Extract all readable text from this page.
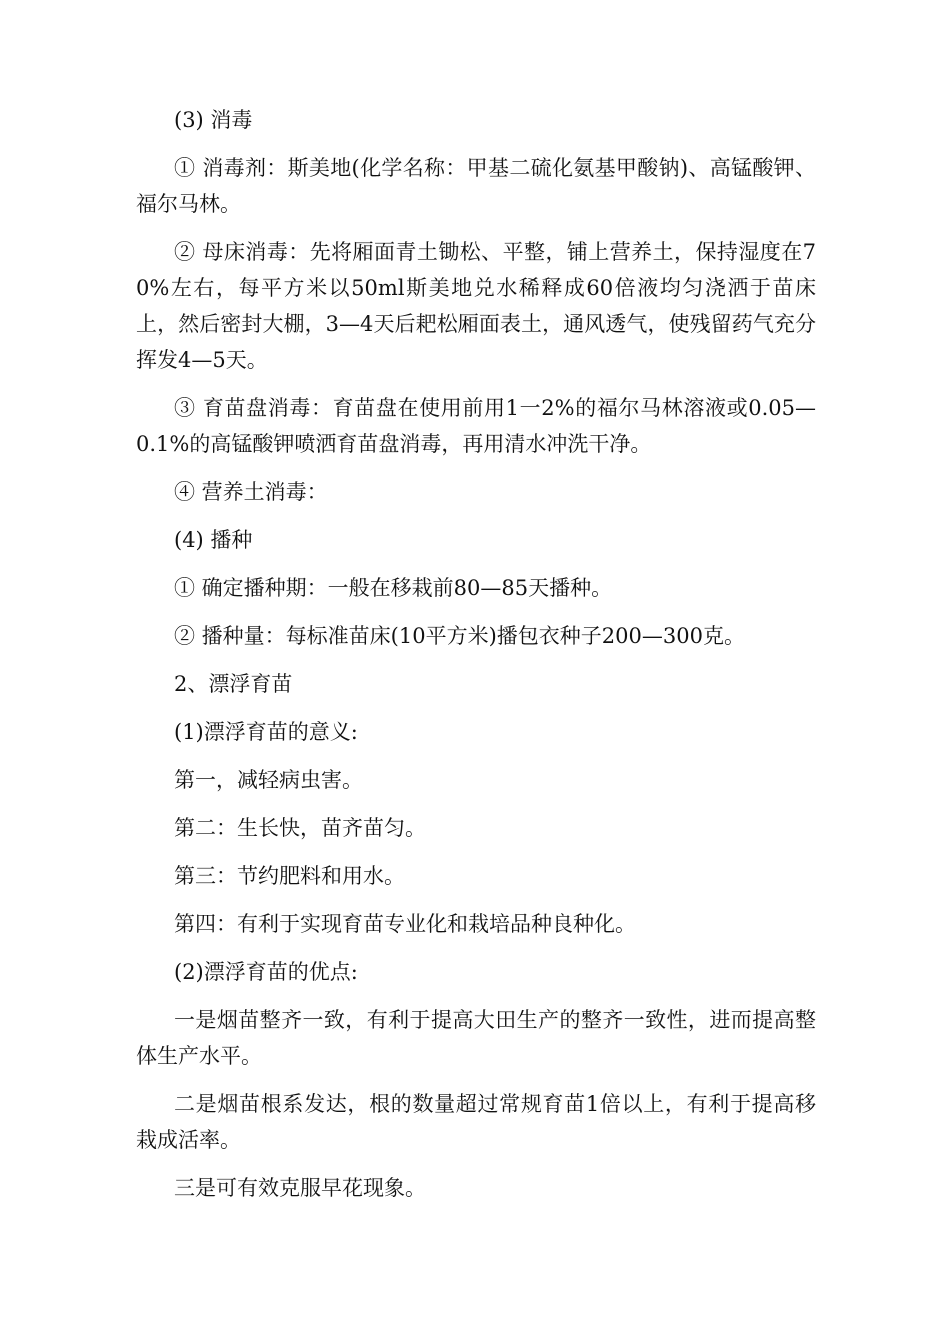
(3) 消毒

① 消毒剂：斯美地(化学名称：甲基二硫化氨基甲酸钠)、高锰酸钾、福尔马林。

② 母床消毒：先将厢面青土锄松、平整，铺上营养土，保持湿度在70%左右，每平方米以50ml斯美地兑水稀释成60倍液均匀浇洒于苗床上，然后密封大棚，3—4天后耙松厢面表土，通风透气，使残留药气充分挥发4—5天。

③ 育苗盘消毒：育苗盘在使用前用1一2%的福尔马林溶液或0.05—0.1%的高锰酸钾喷洒育苗盘消毒，再用清水冲洗干净。

④ 营养土消毒：

(4) 播种

① 确定播种期：一般在移栽前80—85天播种。

② 播种量：每标准苗床(10平方米)播包衣种子200—300克。

2、漂浮育苗

(1)漂浮育苗的意义:

第一，减轻病虫害。

第二：生长快，苗齐苗匀。

第三：节约肥料和用水。

第四：有利于实现育苗专业化和栽培品种良种化。

(2)漂浮育苗的优点:

一是烟苗整齐一致，有利于提高大田生产的整齐一致性，进而提高整体生产水平。

二是烟苗根系发达，根的数量超过常规育苗1倍以上，有利于提高移栽成活率。

三是可有效克服早花现象。
